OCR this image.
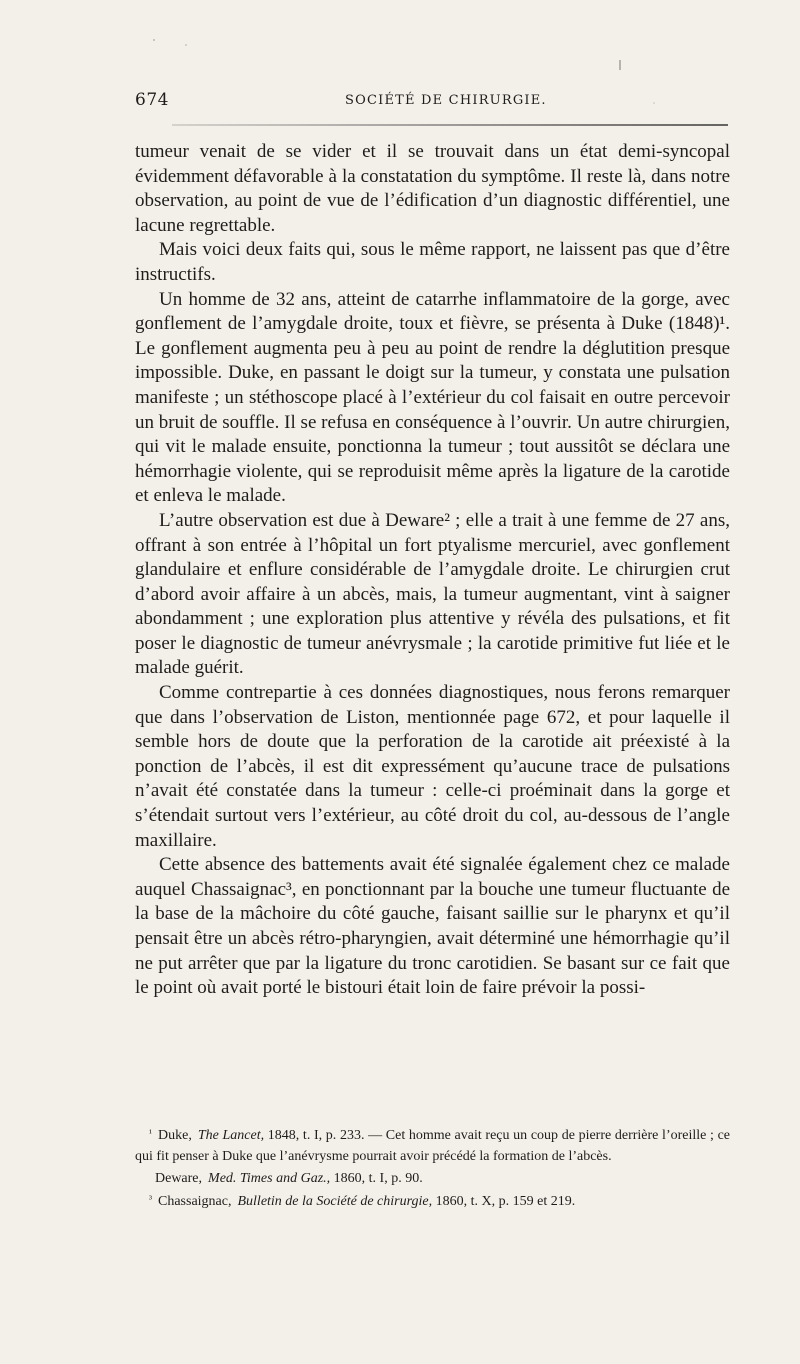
674	SOCIÉTÉ DE CHIRURGIE.

tumeur venait de se vider et il se trouvait dans un état demi-syncopal évidemment défavorable à la constatation du symptôme. Il reste là, dans notre observation, au point de vue de l’édification d’un diagnostic différentiel, une lacune regrettable.

Mais voici deux faits qui, sous le même rapport, ne laissent pas que d’être instructifs.

Un homme de 32 ans, atteint de catarrhe inflammatoire de la gorge, avec gonflement de l’amygdale droite, toux et fièvre, se présenta à Duke (1848)¹. Le gonflement augmenta peu à peu au point de rendre la déglutition presque impossible. Duke, en passant le doigt sur la tumeur, y constata une pulsation manifeste ; un stéthoscope placé à l’extérieur du col faisait en outre percevoir un bruit de souffle. Il se refusa en conséquence à l’ouvrir. Un autre chirurgien, qui vit le malade ensuite, ponctionna la tumeur ; tout aussitôt se déclara une hémorrhagie violente, qui se reproduisit même après la ligature de la carotide et enleva le malade.

L’autre observation est due à Deware² ; elle a trait à une femme de 27 ans, offrant à son entrée à l’hôpital un fort ptyalisme mercuriel, avec gonflement glandulaire et enflure considérable de l’amygdale droite. Le chirurgien crut d’abord avoir affaire à un abcès, mais, la tumeur augmentant, vint à saigner abondamment ; une exploration plus attentive y révéla des pulsations, et fit poser le diagnostic de tumeur anévrysmale ; la carotide primitive fut liée et le malade guérit.

Comme contrepartie à ces données diagnostiques, nous ferons remarquer que dans l’observation de Liston, mentionnée page 672, et pour laquelle il semble hors de doute que la perforation de la carotide ait préexisté à la ponction de l’abcès, il est dit expressément qu’aucune trace de pulsations n’avait été constatée dans la tumeur : celle-ci proéminait dans la gorge et s’étendait surtout vers l’extérieur, au côté droit du col, au-dessous de l’angle maxillaire.

Cette absence des battements avait été signalée également chez ce malade auquel Chassaignac³, en ponctionnant par la bouche une tumeur fluctuante de la base de la mâchoire du côté gauche, faisant saillie sur le pharynx et qu’il pensait être un abcès rétro-pharyngien, avait déterminé une hémorrhagie qu’il ne put arrêter que par la ligature du tronc carotidien. Se basant sur ce fait que le point où avait porté le bistouri était loin de faire prévoir la possi-

$^{^1}$ Duke, The Lancet, 1848, t. I, p. 233. — Cet homme avait reçu un coup de pierre derrière l’oreille ; ce qui fit penser à Duke que l’anévrysme pourrait avoir précédé la formation de l’abcès.

Deware, Med. Times and Gaz., 1860, t. I, p. 90.

$^{^3}$ Chassaignac, Bulletin de la Société de chirurgie, 1860, t. X, p. 159 et 219.
